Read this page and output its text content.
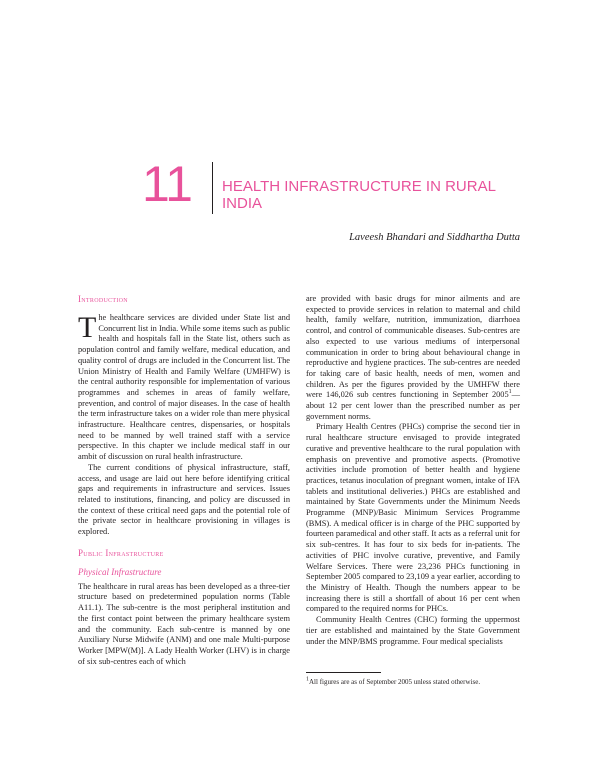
11 HEALTH INFRASTRUCTURE IN RURAL
INDIA
Laveesh Bhandari and Siddhartha Dutta
Introduction

The healthcare services are divided under State list and Concurrent list in India. While some items such as public health and hospitals fall in the State list, others such as population control and family welfare, medical education, and quality control of drugs are included in the Concurrent list. The Union Ministry of Health and Family Welfare (UMHFW) is the central authority responsible for implementation of various programmes and schemes in areas of family welfare, prevention, and control of major diseases. In the case of health the term infrastructure takes on a wider role than mere physical infrastructure. Healthcare centres, dispensaries, or hospitals need to be manned by well trained staff with a service perspective. In this chapter we include medical staff in our ambit of discussion on rural health infrastructure.

The current conditions of physical infrastructure, staff, access, and usage are laid out here before identifying critical gaps and requirements in infrastructure and services. Issues related to institutions, financing, and policy are discussed in the context of these critical need gaps and the potential role of the private sector in healthcare provisioning in villages is explored.

Public Infrastructure
Physical Infrastructure

The healthcare in rural areas has been developed as a three-tier structure based on predetermined population norms (Table A11.1). The sub-centre is the most peripheral institution and the first contact point between the primary healthcare system and the community. Each sub-centre is manned by one Auxiliary Nurse Midwife (ANM) and one male Multi-purpose Worker [MPW(M)]. A Lady Health Worker (LHV) is in charge of six sub-centres each of which

are provided with basic drugs for minor ailments and are expected to provide services in relation to maternal and child health, family welfare, nutrition, immunization, diarrhoea control, and control of communicable diseases. Sub-centres are also expected to use various mediums of interpersonal communication in order to bring about behavioural change in reproductive and hygiene practices. The sub-centres are needed for taking care of basic health, needs of men, women and children. As per the figures provided by the UMHFW there were 146,026 sub centres functioning in September 2005$^1$—about 12 per cent lower than the prescribed number as per government norms.

Primary Health Centres (PHCs) comprise the second tier in rural healthcare structure envisaged to provide integrated curative and preventive healthcare to the rural population with emphasis on preventive and promotive aspects. (Promotive activities include promotion of better health and hygiene practices, tetanus inoculation of pregnant women, intake of IFA tablets and institutional deliveries.) PHCs are established and maintained by State Governments under the Minimum Needs Programme (MNP)/Basic Minimum Services Programme (BMS). A medical officer is in charge of the PHC supported by fourteen paramedical and other staff. It acts as a referral unit for six sub-centres. It has four to six beds for in-patients. The activities of PHC involve curative, preventive, and Family Welfare Services. There were 23,236 PHCs functioning in September 2005 compared to 23,109 a year earlier, according to the Ministry of Health. Though the numbers appear to be increasing there is still a shortfall of about 16 per cent when compared to the required norms for PHCs.

Community Health Centres (CHC) forming the uppermost tier are established and maintained by the State Government under the MNP/BMS programme. Four medical specialists

$^1$All figures are as of September 2005 unless stated otherwise.
